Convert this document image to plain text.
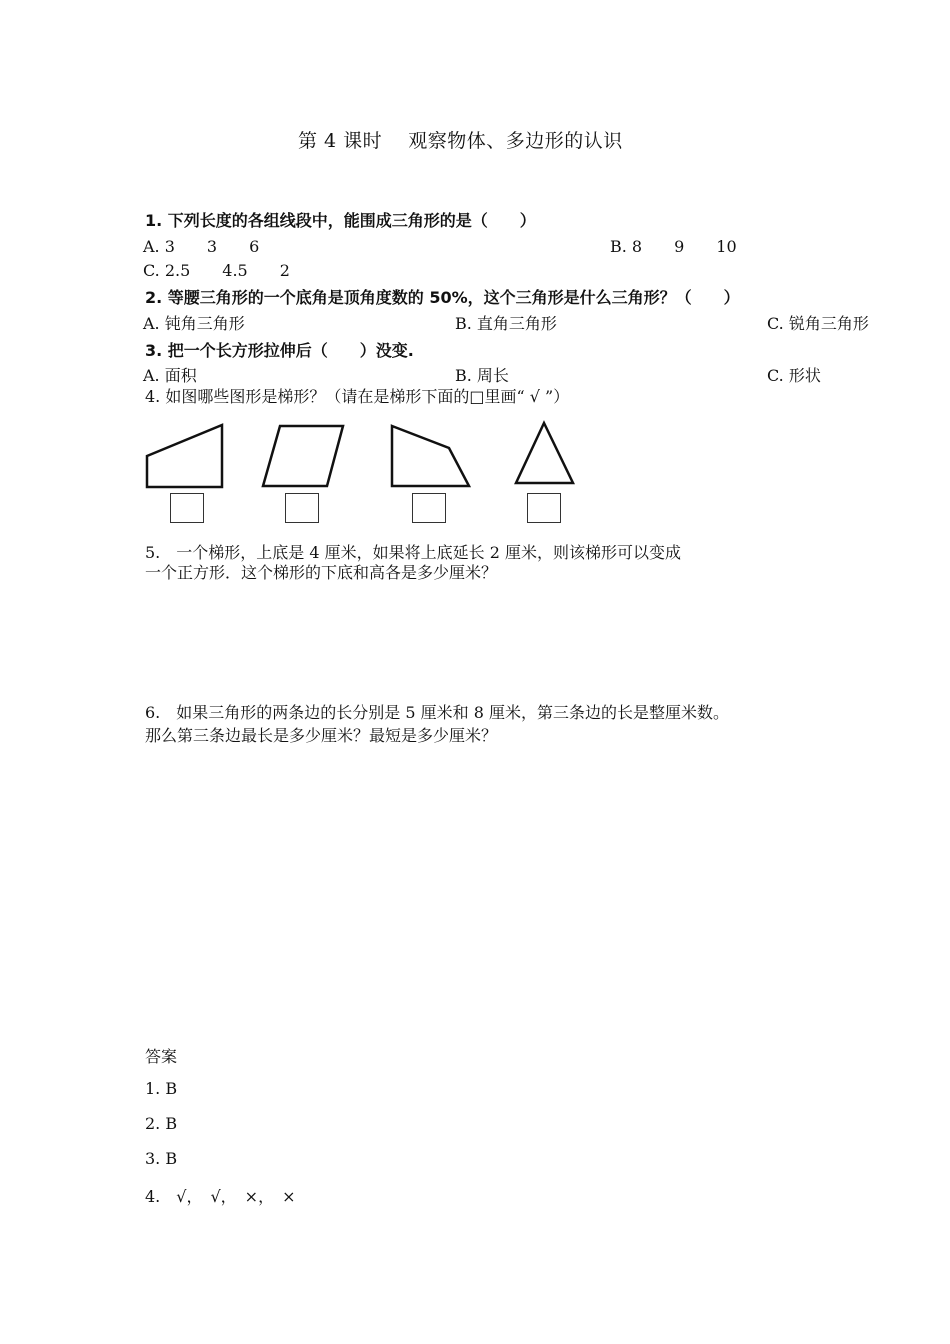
第 4 课时　 观察物体、多边形的认识
1. 下列长度的各组线段中，能围成三角形的是（　　）
A. 3　　3　　6	B. 8　　9　　10
C. 2.5　　4.5　　2
2. 等腰三角形的一个底角是顶角度数的 50%，这个三角形是什么三角形？（　　）
A. 钝角三角形	B. 直角三角形	C. 锐角三角形
3. 把一个长方形拉伸后（　　）没变.
A. 面积	B. 周长	C. 形状
4. 如图哪些图形是梯形？（请在是梯形下面的□里画“ √ ”）
5.　一个梯形，上底是 4 厘米，如果将上底延长 2 厘米，则该梯形可以变成
一个正方形．这个梯形的下底和高各是多少厘米？
6.　如果三角形的两条边的长分别是 5 厘米和 8 厘米，第三条边的长是整厘米数。
那么第三条边最长是多少厘米？最短是多少厘米？
答案
1. B
2. B
3. B
4.　√，　√，　×，　×
